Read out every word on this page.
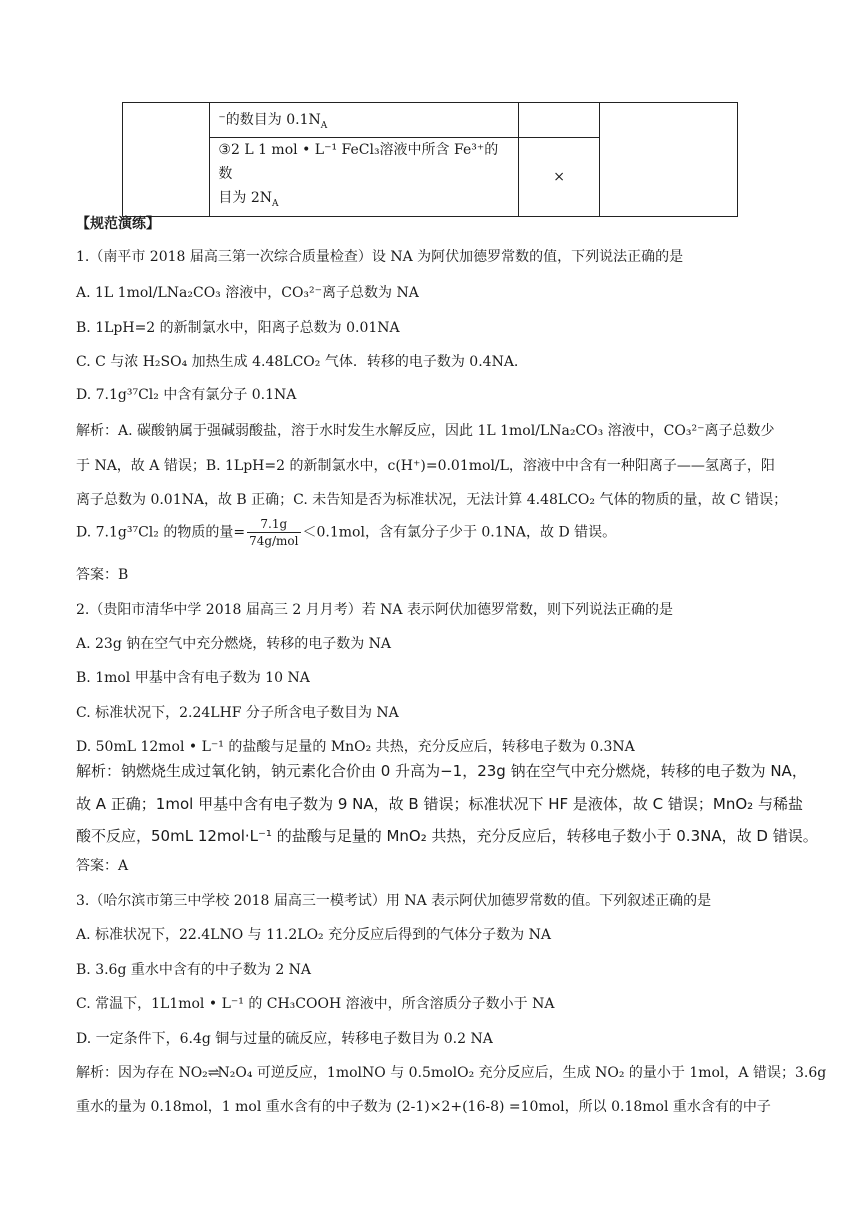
	⁻的数目为 $0.1N_A$		
	③2 L 1 mol • L⁻¹ FeCl₃溶液中所含 Fe³⁺的数
目为 $2N_A$	×	
【规范演练】
1.（南平市 2018 届高三第一次综合质量检查）设 NA 为阿伏加德罗常数的值，下列说法正确的是
A. 1L 1mol/LNa₂CO₃ 溶液中，CO₃²⁻离子总数为 NA
B. 1LpH=2 的新制氯水中，阳离子总数为 0.01NA
C. C 与浓 H₂SO₄ 加热生成 4.48LCO₂ 气体．转移的电子数为 0.4NA.
D. 7.1g³⁷Cl₂ 中含有氯分子 0.1NA
解析：A. 碳酸钠属于强碱弱酸盐，溶于水时发生水解反应，因此 1L 1mol/LNa₂CO₃ 溶液中，CO₃²⁻离子总数少
于 NA，故 A 错误；B. 1LpH=2 的新制氯水中，c(H⁺)=0.01mol/L，溶液中中含有一种阳离子——氢离子，阳
离子总数为 0.01NA，故 B 正确；C. 未告知是否为标准状况，无法计算 4.48LCO₂ 气体的物质的量，故 C 错误；
D. 7.1g³⁷Cl₂ 的物质的量= $\frac{7.1g}{\text{74g/mol}} <0.1mol$，含有氯分子少于 0.1NA，故 D 错误。
答案：B
2.（贵阳市清华中学 2018 届高三 2 月月考）若 NA 表示阿伏加德罗常数，则下列说法正确的是
A. 23g 钠在空气中充分燃烧，转移的电子数为 NA
B. 1mol 甲基中含有电子数为 10 NA
C. 标准状况下，2.24LHF 分子所含电子数目为 NA
D. 50mL 12mol • L⁻¹ 的盐酸与足量的 MnO₂ 共热，充分反应后，转移电子数为 0.3NA
解析：钠燃烧生成过氧化钠，钠元素化合价由 0 升高为−1，23g 钠在空气中充分燃烧，转移的电子数为 NA，
故 A 正确；1mol 甲基中含有电子数为 9 NA，故 B 错误；标准状况下 HF 是液体，故 C 错误；MnO₂ 与稀盐
酸不反应，50mL 12mol·L⁻¹ 的盐酸与足量的 MnO₂ 共热，充分反应后，转移电子数小于 0.3NA，故 D 错误。
答案：A
3.（哈尔滨市第三中学校 2018 届高三一模考试）用 NA 表示阿伏加德罗常数的值。下列叙述正确的是
A. 标准状况下，22.4LNO 与 11.2LO₂ 充分反应后得到的气体分子数为 NA
B. 3.6g 重水中含有的中子数为 2 NA
C. 常温下，1L1mol • L⁻¹ 的 CH₃COOH 溶液中，所含溶质分子数小于 NA
D. 一定条件下，6.4g 铜与过量的硫反应，转移电子数目为 0.2 NA
解析：因为存在 NO₂⇌N₂O₄ 可逆反应，1molNO 与 0.5molO₂ 充分反应后，生成 NO₂ 的量小于 1mol，A 错误；3.6g
重水的量为 0.18mol，1 mol 重水含有的中子数为 (2-1)×2+(16-8) =10mol，所以 0.18mol 重水含有的中子
